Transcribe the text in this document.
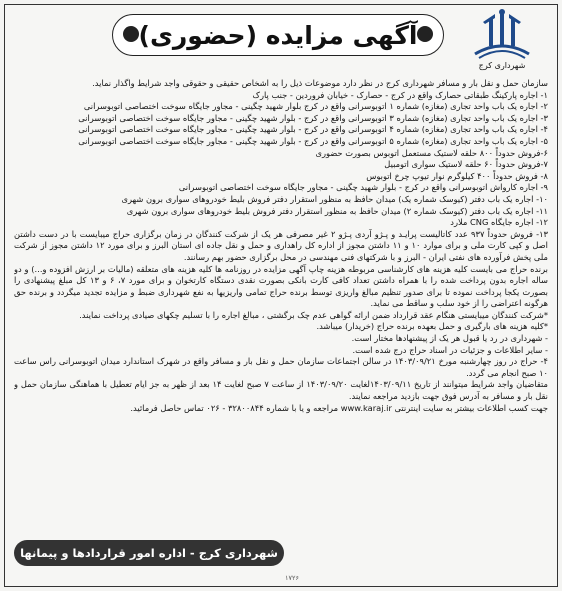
آگهی مزایده (حضوری)
شهرداری کرج

سازمان حمل و نقل بار و مسافر شهرداری کرج در نظر دارد موضوعات ذیل را به اشخاص حقیقی و حقوقی واجد شرایط واگذار نماید.

۱- اجاره پارکینگ طبقاتی حصارک واقع در کرج - حصارک - خیابان فروردین - جنب پارک

۲- اجاره یک باب واحد تجاری (مغازه) شماره ۱ اتوبوسرانی واقع در کرج بلوار شهید چگینی - مجاور جایگاه سوخت اختصاصی اتوبوسرانی

۳- اجاره یک باب واحد تجاری (مغازه) شماره ۳ اتوبوسرانی واقع در کرج - بلوار شهید چگینی - مجاور جایگاه سوخت اختصاصی اتوبوسرانی

۴- اجاره یک باب واحد تجاری (مغازه) شماره ۴ اتوبوسرانی واقع در کرج - بلوار شهید چگینی - مجاور جایگاه سوخت اختصاصی اتوبوسرانی

۵- اجاره یک باب واحد تجاری (مغازه) شماره ۵ اتوبوسرانی واقع در کرج - بلوار شهید چگینی - مجاور جایگاه سوخت اختصاصی اتوبوسرانی

۶-فروش حدوداً ۸۰۰ حلقه لاستیک مستعمل اتوبوس بصورت حضوری

۷-فروش حدوداً ۶۰ حلقه لاستیک سواری اتومبیل

۸- فروش حدوداً ۴۰۰ کیلوگرم نوار تیوپ چرخ اتوبوس

۹- اجاره کارواش اتوبوسرانی واقع در کرج - بلوار شهید چگینی - مجاور جایگاه سوخت اختصاصی اتوبوسرانی

۱۰- اجاره یک باب دفتر (کیوسک شماره یک) میدان حافظ به منظور استقرار دفتر فروش بلیط خودروهای سواری برون شهری

۱۱- اجاره یک باب دفتر (کیوسک شماره ۲) میدان حافظ به منظور استقرار دفتر فروش بلیط خودروهای سواری برون شهری

۱۲- اجاره جایگاه CNG ملارد

۱۳- فروش حدوداً ۹۳۷ عدد کاتالیست پرایـد و پـژو آردی پـژو ۲ غیر مصرفی هر یک از شرکت کنندگان در زمان برگزاری حراج میبایست با در دست داشتن اصل و کپی کارت ملی و برای موارد ۱۰ و ۱۱ داشتن مجوز از اداره کل راهداری و حمل و نقل جاده ای استان البرز و برای مورد ۱۲ داشتن مجوز از شرکت ملی پخش فرآورده های نفتی ایران - البرز و با شرکتهای فنی مهندسی در محل برگزاری حضور بهم رسانند.

برنده حراج می بایست کلیه هزینه های کارشناسی مربوطه هزینه چاپ آگهی مزایده در روزنامه ها کلیه هزینه های متعلقه (مالیات بر ارزش افزوده و...) و دو ساله اجاره بدون پرداخت شده را با همراه داشتن تعداد کافی کارت بانکی بصورت نقدی دستگاه کارتخوان و برای مورد ۷، ۶ و ۱۳ کل مبلغ پیشنهادی را بصورت یکجا پرداخت نموده تا برای صدور تنظیم مبالغ واریزی توسط برنده حراج تمامی واریزیها به نفع شهرداری ضبط و مزایده تجدید میگردد و برنده حق هرگونه اعتراضی را از خود سلب و ساقط می نماید.

*شرکت کنندگان میبایستی هنگام عقد قرارداد ضمن ارائه گواهی عدم چک برگشتی ، مبالغ اجاره را با تسلیم چکهای صیادی پرداخت نمایند.

*کلیه هزینه های بارگیری و حمل بعهده برنده حراج (خریدار) میباشد.

- شهرداری در رد یا قبول هر یک از پیشنهادها مختار است.

- سایر اطلاعات و جزئیات در اسناد حراج درج شده است.

۴- حراج در روز چهارشنبه مورخ ۱۴۰۳/۰۹/۲۱ در سالن اجتماعات سازمان حمل و نقل بار و مسافر واقع در شهرک استاندارد میدان اتوبوسرانی راس ساعت ۱۰ صبح انجام می گردد.

متقاضیان واجد شرایط میتوانند از تاریخ ۱۴۰۳/۰۹/۱۱لغایت ۱۴۰۳/۰۹/۲۰ از ساعت ۷ صبح لغایت ۱۴ بعد از ظهر به جز ایام تعطیل با هماهنگی سازمان حمل و نقل بار و مسافر به آدرس فوق جهت بازدید مراجعه نمایند.

جهت کسب اطلاعات بیشتر به سایت اینترنتی www.karaj.ir مراجعه و یا با شماره ۳۲۸۰۰۸۴۴ - ۰۲۶ تماس حاصل فرمائید.

شهرداری کرج - اداره امور قراردادها و پیمانها
۱۷۲۶
